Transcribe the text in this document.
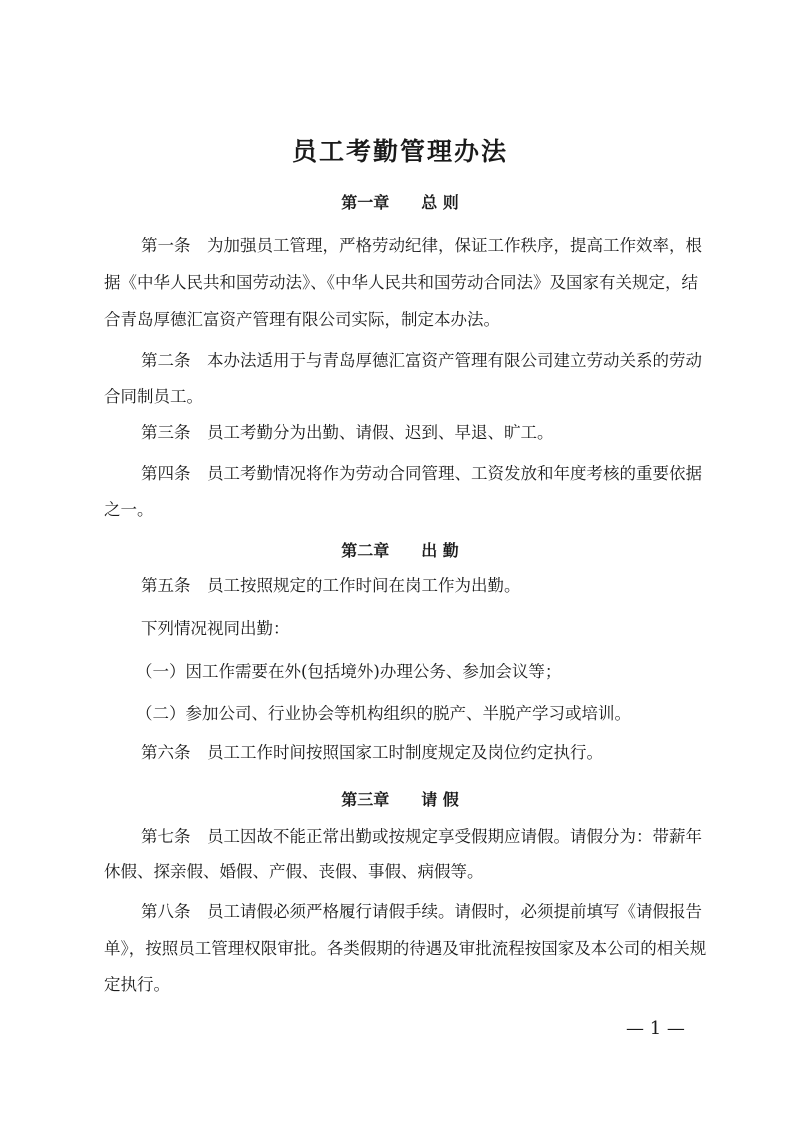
员工考勤管理办法
第一章　　 总 则
第一条　为加强员工管理，严格劳动纪律，保证工作秩序，提高工作效率，根
据《中华人民共和国劳动法》、《中华人民共和国劳动合同法》及国家有关规定，结
合青岛厚德汇富资产管理有限公司实际，制定本办法。
第二条　本办法适用于与青岛厚德汇富资产管理有限公司建立劳动关系的劳动
合同制员工。
第三条　员工考勤分为出勤、请假、迟到、早退、旷工。
第四条　员工考勤情况将作为劳动合同管理、工资发放和年度考核的重要依据
之一。
第二章　　 出 勤
第五条　员工按照规定的工作时间在岗工作为出勤。
下列情况视同出勤：
（一）因工作需要在外(包括境外)办理公务、参加会议等；
（二）参加公司、行业协会等机构组织的脱产、半脱产学习或培训。
第六条　员工工作时间按照国家工时制度规定及岗位约定执行。
第三章　　 请 假
第七条　员工因故不能正常出勤或按规定享受假期应请假。请假分为：带薪年
休假、探亲假、婚假、产假、丧假、事假、病假等。
第八条　员工请假必须严格履行请假手续。请假时，必须提前填写《请假报告
单》，按照员工管理权限审批。各类假期的待遇及审批流程按国家及本公司的相关规
定执行。
— 1 —
